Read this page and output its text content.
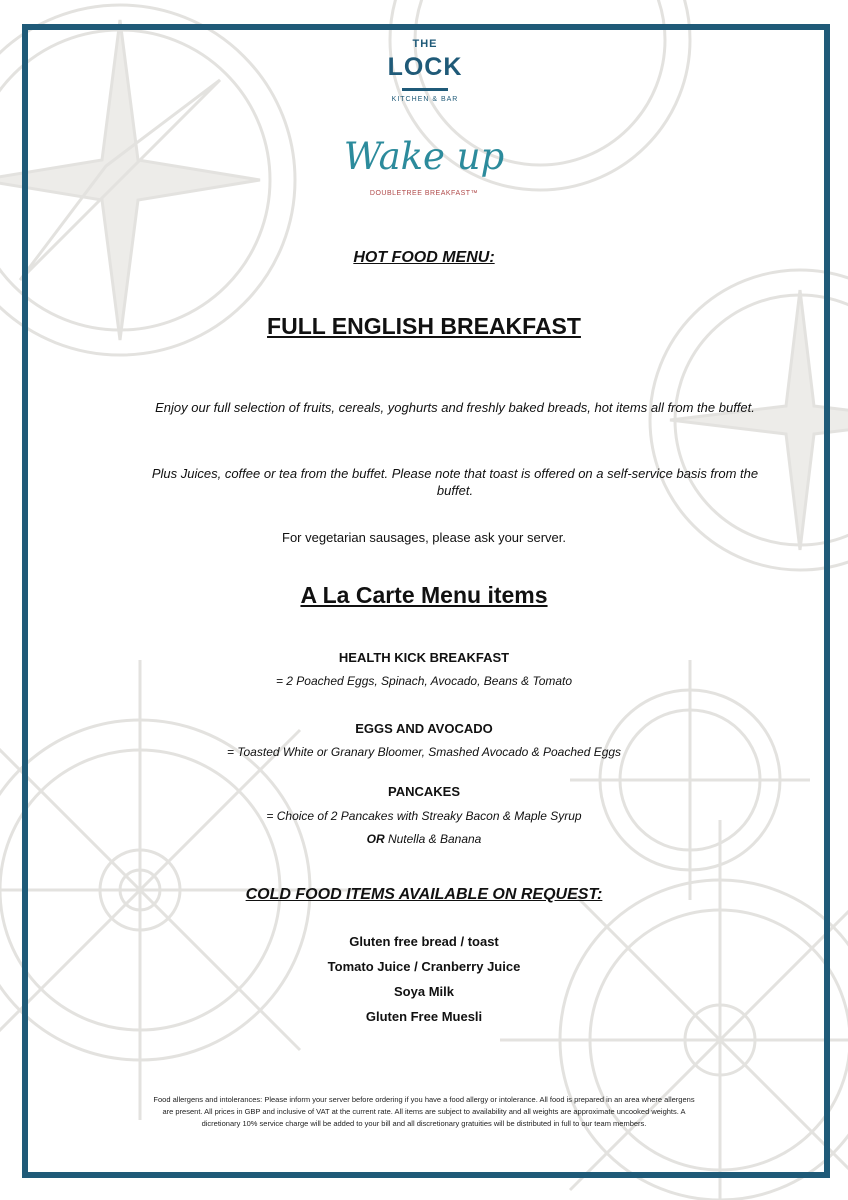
THE
LOCK
KITCHEN & BAR
Wake up
DOUBLETREE BREAKFAST™
HOT FOOD MENU:
FULL ENGLISH BREAKFAST
Enjoy our full selection of fruits, cereals, yoghurts and freshly baked breads, hot items all from the buffet.
Plus Juices, coffee or tea from the buffet. Please note that toast is offered on a self-service basis from the buffet.
For vegetarian sausages, please ask your server.
A La Carte Menu items
HEALTH KICK BREAKFAST
= 2 Poached Eggs, Spinach, Avocado, Beans & Tomato
EGGS AND AVOCADO
= Toasted White or Granary Bloomer, Smashed Avocado & Poached Eggs
PANCAKES
= Choice of 2 Pancakes with Streaky Bacon & Maple Syrup
OR Nutella & Banana
COLD FOOD ITEMS AVAILABLE ON REQUEST:
Gluten free bread / toast
Tomato Juice / Cranberry Juice
Soya Milk
Gluten Free Muesli
Food allergens and intolerances: Please inform your server before ordering if you have a food allergy or intolerance. All food is prepared in an area where allergens are present. All prices in GBP and inclusive of VAT at the current rate. All items are subject to availability and all weights are approximate uncooked weights. A dicretionary 10% service charge will be added to your bill and all discretionary gratuities will be distributed in full to our team members.
